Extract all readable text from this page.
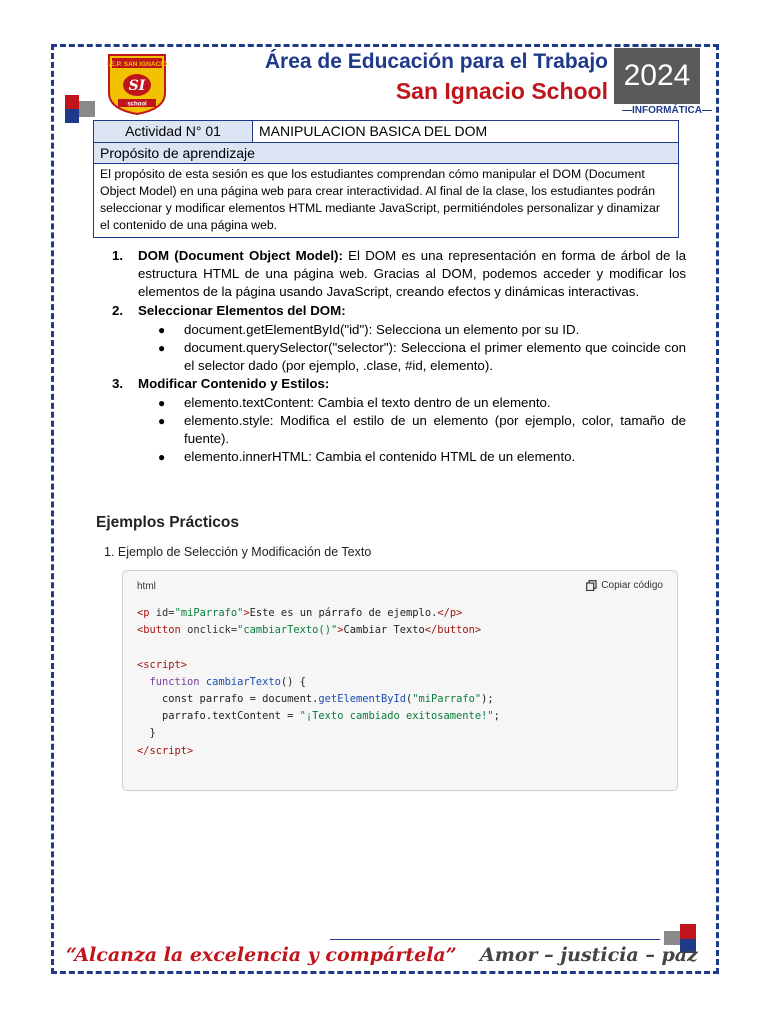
I.E.P. SAN IGNACIO
SI
school
Área de Educación para el Trabajo
San Ignacio School 2024
—INFORMÁTICA—
Actividad N° 01	MANIPULACION BASICA DEL DOM
Propósito de aprendizaje
El propósito de esta sesión es que los estudiantes comprendan cómo manipular el DOM (Document Object Model) en una página web para crear interactividad. Al final de la clase, los estudiantes podrán seleccionar y modificar elementos HTML mediante JavaScript, permitiéndoles personalizar y dinamizar el contenido de una página web.
1.	DOM (Document Object Model): El DOM es una representación en forma de árbol de la estructura HTML de una página web. Gracias al DOM, podemos acceder y modificar los elementos de la página usando JavaScript, creando efectos y dinámicas interactivas.
2.	Seleccionar Elementos del DOM:
●	document.getElementById("id"): Selecciona un elemento por su ID.
●	document.querySelector("selector"): Selecciona el primer elemento que coincide con el selector dado (por ejemplo, .clase, #id, elemento).
3.	Modificar Contenido y Estilos:
●	elemento.textContent: Cambia el texto dentro de un elemento.
●	elemento.style: Modifica el estilo de un elemento (por ejemplo, color, tamaño de fuente).
●	elemento.innerHTML: Cambia el contenido HTML de un elemento.
Ejemplos Prácticos
1. Ejemplo de Selección y Modificación de Texto
html	Copiar código
<p id="miParrafo">Este es un párrafo de ejemplo.</p>
<button onclick="cambiarTexto()">Cambiar Texto</button>

<script>
function cambiarTexto() {
const parrafo = document.getElementById("miParrafo");
parrafo.textContent = "¡Texto cambiado exitosamente!";
}
</script>
“Alcanza la excelencia y compártela” Amor – justicia – paz
